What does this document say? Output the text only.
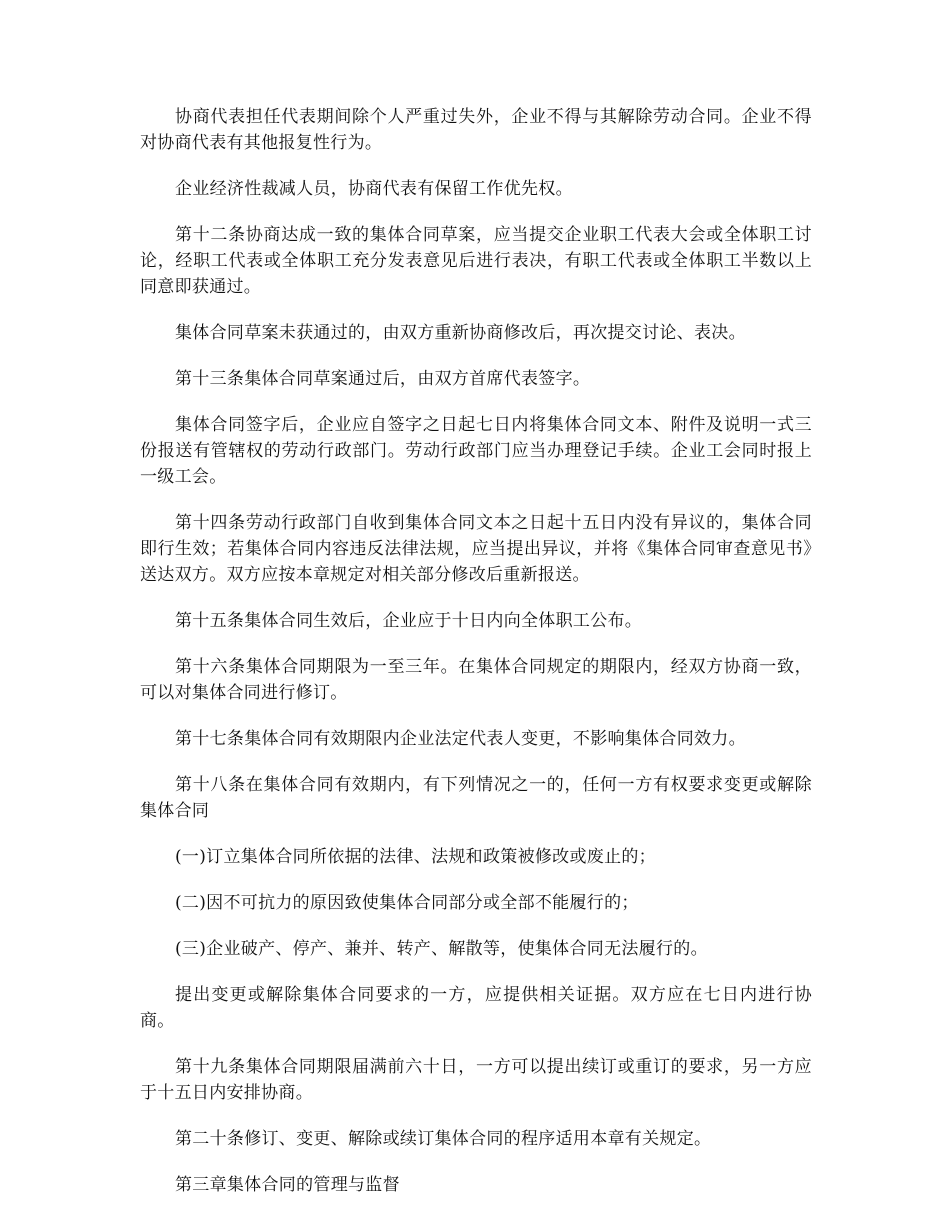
协商代表担任代表期间除个人严重过失外，企业不得与其解除劳动合同。企业不得对协商代表有其他报复性行为。

企业经济性裁减人员，协商代表有保留工作优先权。

第十二条协商达成一致的集体合同草案，应当提交企业职工代表大会或全体职工讨论，经职工代表或全体职工充分发表意见后进行表决，有职工代表或全体职工半数以上同意即获通过。

集体合同草案未获通过的，由双方重新协商修改后，再次提交讨论、表决。

第十三条集体合同草案通过后，由双方首席代表签字。

集体合同签字后，企业应自签字之日起七日内将集体合同文本、附件及说明一式三份报送有管辖权的劳动行政部门。劳动行政部门应当办理登记手续。企业工会同时报上一级工会。

第十四条劳动行政部门自收到集体合同文本之日起十五日内没有异议的，集体合同即行生效；若集体合同内容违反法律法规，应当提出异议，并将《集体合同审查意见书》送达双方。双方应按本章规定对相关部分修改后重新报送。

第十五条集体合同生效后，企业应于十日内向全体职工公布。

第十六条集体合同期限为一至三年。在集体合同规定的期限内，经双方协商一致，可以对集体合同进行修订。

第十七条集体合同有效期限内企业法定代表人变更，不影响集体合同效力。

第十八条在集体合同有效期内，有下列情况之一的，任何一方有权要求变更或解除集体合同

(一)订立集体合同所依据的法律、法规和政策被修改或废止的；

(二)因不可抗力的原因致使集体合同部分或全部不能履行的；

(三)企业破产、停产、兼并、转产、解散等，使集体合同无法履行的。

提出变更或解除集体合同要求的一方，应提供相关证据。双方应在七日内进行协商。

第十九条集体合同期限届满前六十日，一方可以提出续订或重订的要求，另一方应于十五日内安排协商。

第二十条修订、变更、解除或续订集体合同的程序适用本章有关规定。

第三章集体合同的管理与监督
